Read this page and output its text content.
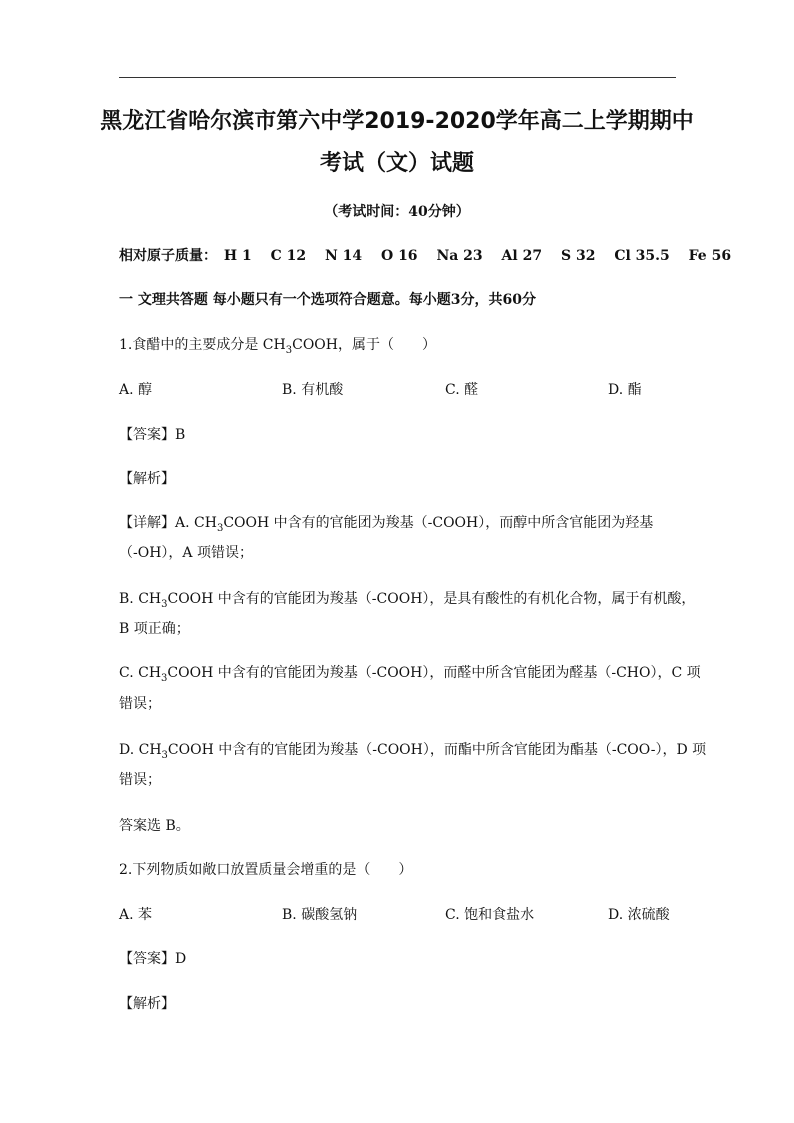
黑龙江省哈尔滨市第六中学2019-2020学年高二上学期期中
考试（文）试题
（考试时间：40分钟）
相对原子质量： H 1 C 12 N 14 O 16 Na 23 Al 27 S 32 Cl 35.5 Fe 56
一 文理共答题 每小题只有一个选项符合题意。每小题3分，共60分
1.食醋中的主要成分是 $CH_3COOH$，属于（　　）
A. 醇	B. 有机酸	C. 醛	D. 酯
【答案】B
【解析】
【详解】A. $CH_3COOH$ 中含有的官能团为羧基（-COOH），而醇中所含官能团为羟基
（-OH），A 项错误；
B. $CH_3COOH$ 中含有的官能团为羧基（-COOH），是具有酸性的有机化合物，属于有机酸，
B 项正确；
C. $CH_3COOH$ 中含有的官能团为羧基（-COOH），而醛中所含官能团为醛基（-CHO），C 项
错误；
D. $CH_3COOH$ 中含有的官能团为羧基（-COOH），而酯中所含官能团为酯基（-COO-），D 项
错误；
答案选 B。
2.下列物质如敞口放置质量会增重的是（　　）
A. 苯	B. 碳酸氢钠	C. 饱和食盐水	D. 浓硫酸
【答案】D
【解析】
